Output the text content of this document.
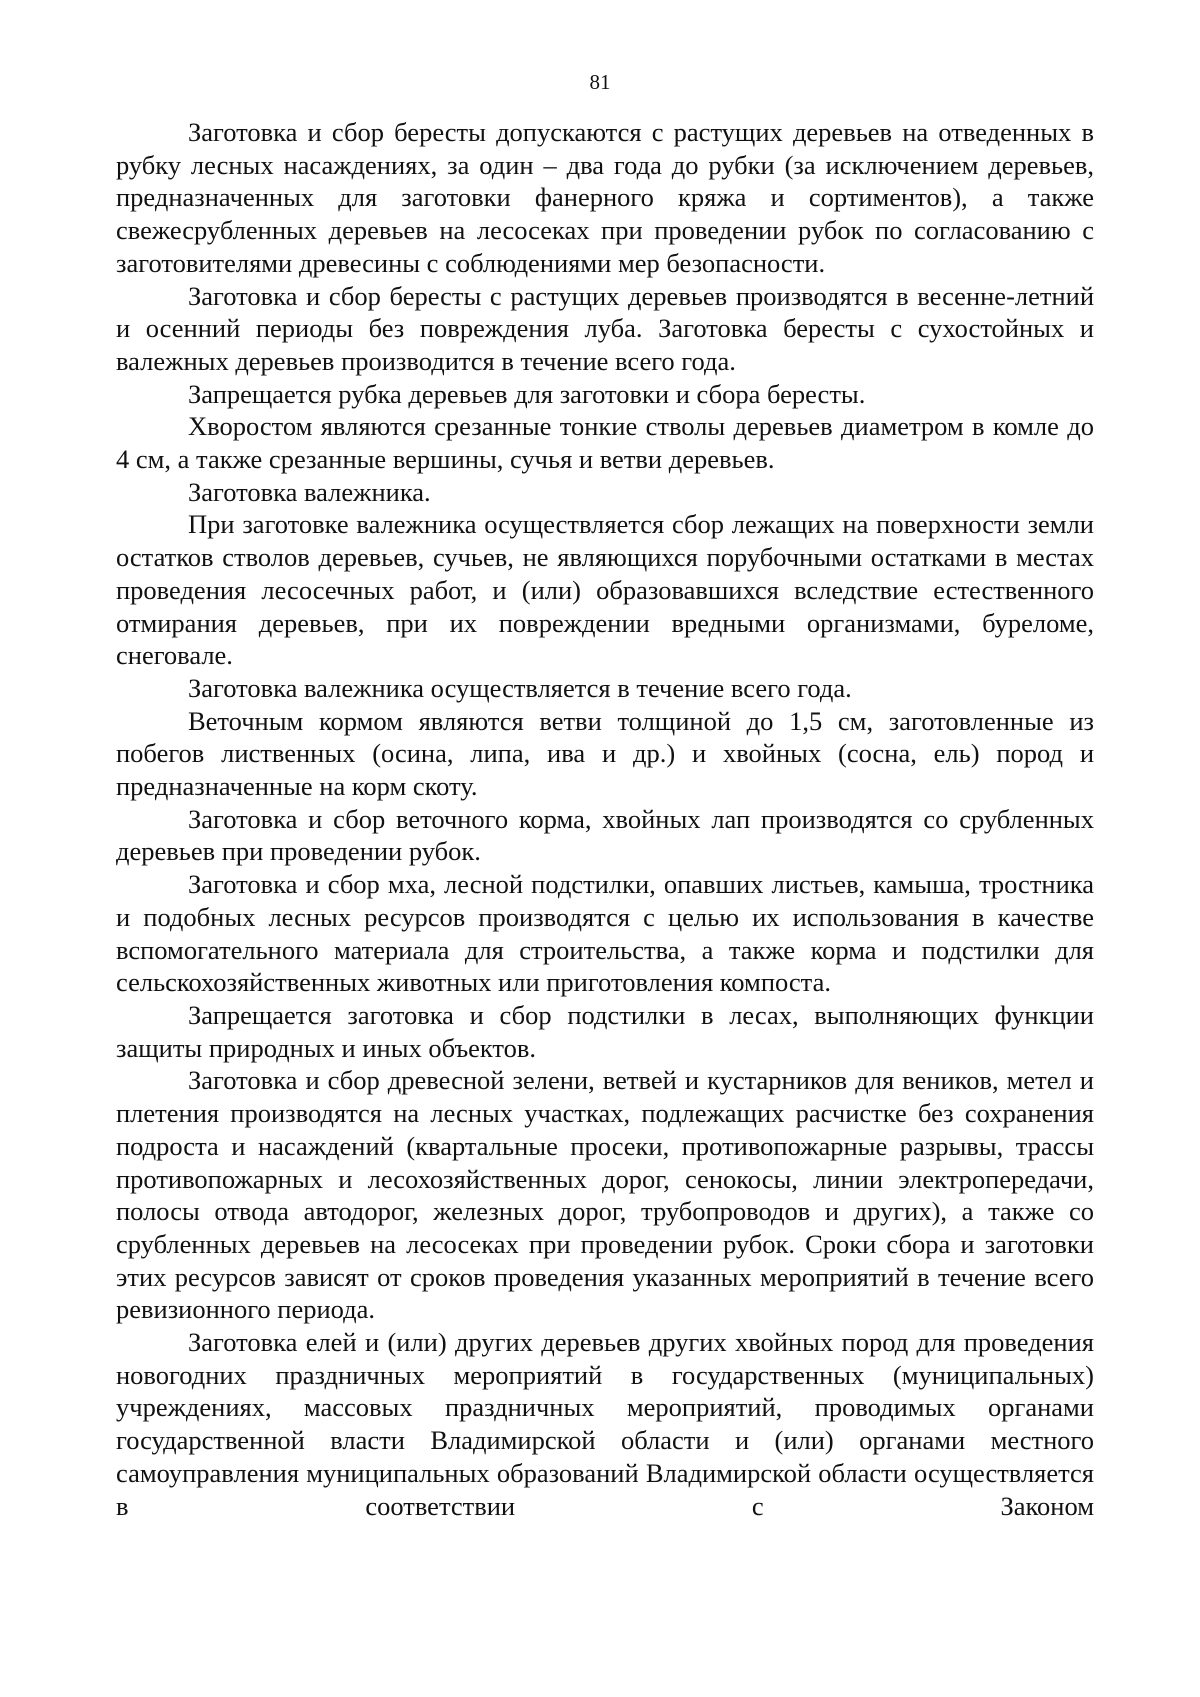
81

Заготовка и сбор бересты допускаются с растущих деревьев на отведенных в рубку лесных насаждениях, за один – два года до рубки (за исключением деревьев, предназначенных для заготовки фанерного кряжа и сортиментов), а также свежесрубленных деревьев на лесосеках при проведении рубок по согласованию с заготовителями древесины с соблюдениями мер безопасности.

Заготовка и сбор бересты с растущих деревьев производятся в весенне-летний и осенний периоды без повреждения луба. Заготовка бересты с сухостойных и валежных деревьев производится в течение всего года.

Запрещается рубка деревьев для заготовки и сбора бересты.

Хворостом являются срезанные тонкие стволы деревьев диаметром в комле до 4 см, а также срезанные вершины, сучья и ветви деревьев.

Заготовка валежника.

При заготовке валежника осуществляется сбор лежащих на поверхности земли остатков стволов деревьев, сучьев, не являющихся порубочными остатками в местах проведения лесосечных работ, и (или) образовавшихся вследствие естественного отмирания деревьев, при их повреждении вредными организмами, буреломе, снеговале.

Заготовка валежника осуществляется в течение всего года.

Веточным кормом являются ветви толщиной до 1,5 см, заготовленные из побегов лиственных (осина, липа, ива и др.) и хвойных (сосна, ель) пород и предназначенные на корм скоту.

Заготовка и сбор веточного корма, хвойных лап производятся со срубленных деревьев при проведении рубок.

Заготовка и сбор мха, лесной подстилки, опавших листьев, камыша, тростника и подобных лесных ресурсов производятся с целью их использования в качестве вспомогательного материала для строительства, а также корма и подстилки для сельскохозяйственных животных или приготовления компоста.

Запрещается заготовка и сбор подстилки в лесах, выполняющих функции защиты природных и иных объектов.

Заготовка и сбор древесной зелени, ветвей и кустарников для веников, метел и плетения производятся на лесных участках, подлежащих расчистке без сохранения подроста и насаждений (квартальные просеки, противопожарные разрывы, трассы противопожарных и лесохозяйственных дорог, сенокосы, линии электропередачи, полосы отвода автодорог, железных дорог, трубопроводов и других), а также со срубленных деревьев на лесосеках при проведении рубок. Сроки сбора и заготовки этих ресурсов зависят от сроков проведения указанных мероприятий в течение всего ревизионного периода.

Заготовка елей и (или) других деревьев других хвойных пород для проведения новогодних праздничных мероприятий в государственных (муниципальных) учреждениях, массовых праздничных мероприятий, проводимых органами государственной власти Владимирской области и (или) органами местного самоуправления муниципальных образований Владимирской области осуществляется в соответствии с Законом
